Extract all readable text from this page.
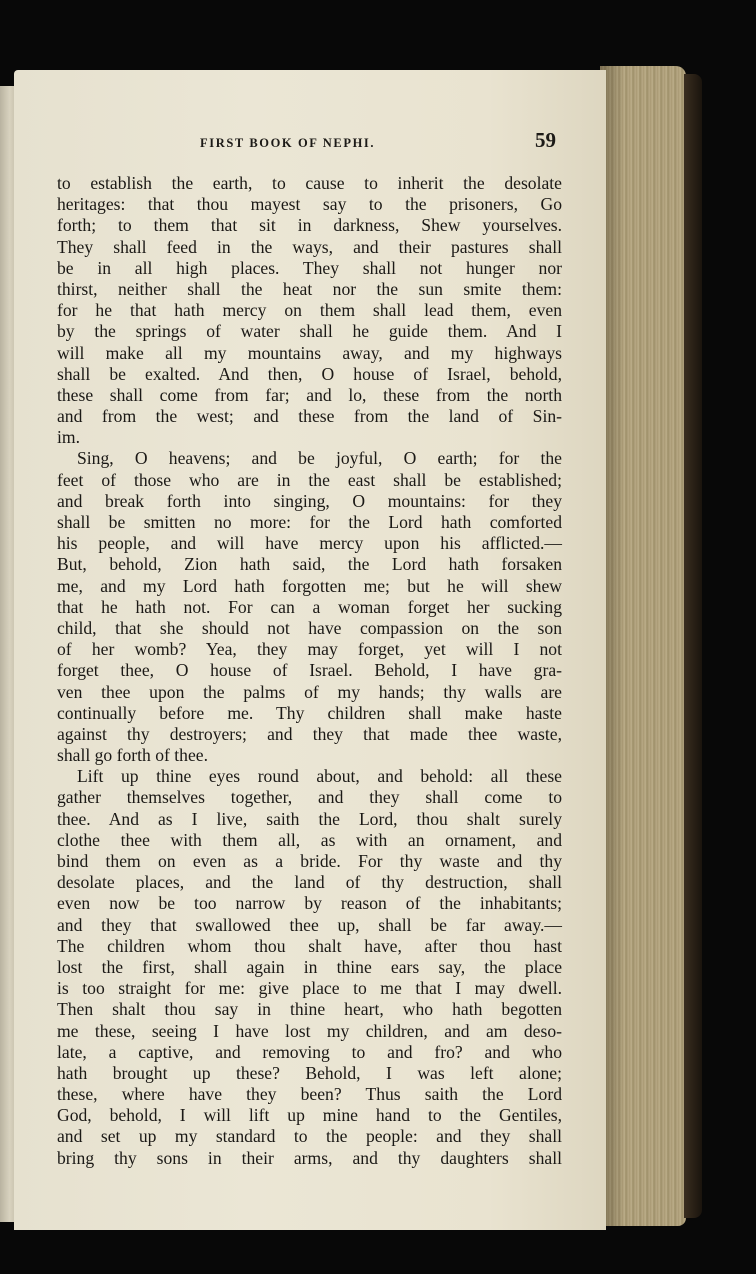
FIRST BOOK OF NEPHI.	59
to establish the earth, to cause to inherit the desolate
heritages: that thou mayest say to the prisoners, Go
forth; to them that sit in darkness, Shew yourselves.
They shall feed in the ways, and their pastures shall
be in all high places. They shall not hunger nor
thirst, neither shall the heat nor the sun smite them:
for he that hath mercy on them shall lead them, even
by the springs of water shall he guide them. And I
will make all my mountains away, and my highways
shall be exalted. And then, O house of Israel, behold,
these shall come from far; and lo, these from the north
and from the west; and these from the land of Sin-
im.
Sing, O heavens; and be joyful, O earth; for the
feet of those who are in the east shall be established;
and break forth into singing, O mountains: for they
shall be smitten no more: for the Lord hath comforted
his people, and will have mercy upon his afflicted.—
But, behold, Zion hath said, the Lord hath forsaken
me, and my Lord hath forgotten me; but he will shew
that he hath not. For can a woman forget her sucking
child, that she should not have compassion on the son
of her womb? Yea, they may forget, yet will I not
forget thee, O house of Israel. Behold, I have gra-
ven thee upon the palms of my hands; thy walls are
continually before me. Thy children shall make haste
against thy destroyers; and they that made thee waste,
shall go forth of thee.
Lift up thine eyes round about, and behold: all these
gather themselves together, and they shall come to
thee. And as I live, saith the Lord, thou shalt surely
clothe thee with them all, as with an ornament, and
bind them on even as a bride. For thy waste and thy
desolate places, and the land of thy destruction, shall
even now be too narrow by reason of the inhabitants;
and they that swallowed thee up, shall be far away.—
The children whom thou shalt have, after thou hast
lost the first, shall again in thine ears say, the place
is too straight for me: give place to me that I may dwell.
Then shalt thou say in thine heart, who hath begotten
me these, seeing I have lost my children, and am deso-
late, a captive, and removing to and fro? and who
hath brought up these? Behold, I was left alone;
these, where have they been? Thus saith the Lord
God, behold, I will lift up mine hand to the Gentiles,
and set up my standard to the people: and they shall
bring thy sons in their arms, and thy daughters shall
